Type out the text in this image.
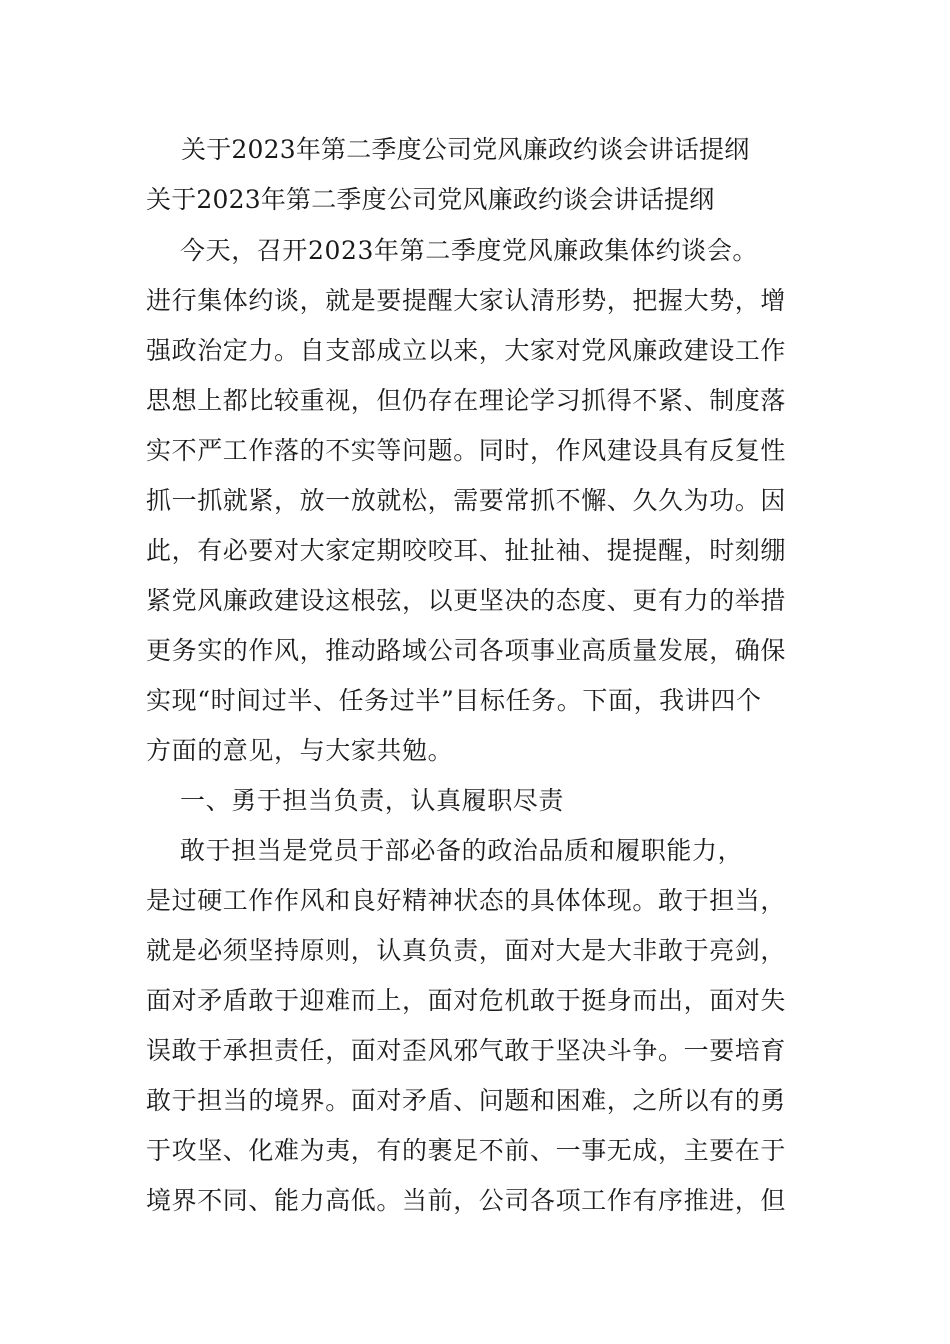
关于2023年第二季度公司党风廉政约谈会讲话提纲
关于2023年第二季度公司党风廉政约谈会讲话提纲
今天，召开2023年第二季度党风廉政集体约谈会。
进行集体约谈，就是要提醒大家认清形势，把握大势，增
强政治定力。自支部成立以来，大家对党风廉政建设工作
思想上都比较重视，但仍存在理论学习抓得不紧、制度落
实不严工作落的不实等问题。同时，作风建设具有反复性
抓一抓就紧，放一放就松，需要常抓不懈、久久为功。因
此，有必要对大家定期咬咬耳、扯扯袖、提提醒，时刻绷
紧党风廉政建设这根弦，以更坚决的态度、更有力的举措
更务实的作风，推动路域公司各项事业高质量发展，确保
实现“时间过半、任务过半”目标任务。下面，我讲四个
方面的意见，与大家共勉。
一、勇于担当负责，认真履职尽责
敢于担当是党员于部必备的政治品质和履职能力，
是过硬工作作风和良好精神状态的具体体现。敢于担当，
就是必须坚持原则，认真负责，面对大是大非敢于亮剑，
面对矛盾敢于迎难而上，面对危机敢于挺身而出，面对失
误敢于承担责任，面对歪风邪气敢于坚决斗争。一要培育
敢于担当的境界。面对矛盾、问题和困难，之所以有的勇
于攻坚、化难为夷，有的裹足不前、一事无成，主要在于
境界不同、能力高低。当前，公司各项工作有序推进，但
